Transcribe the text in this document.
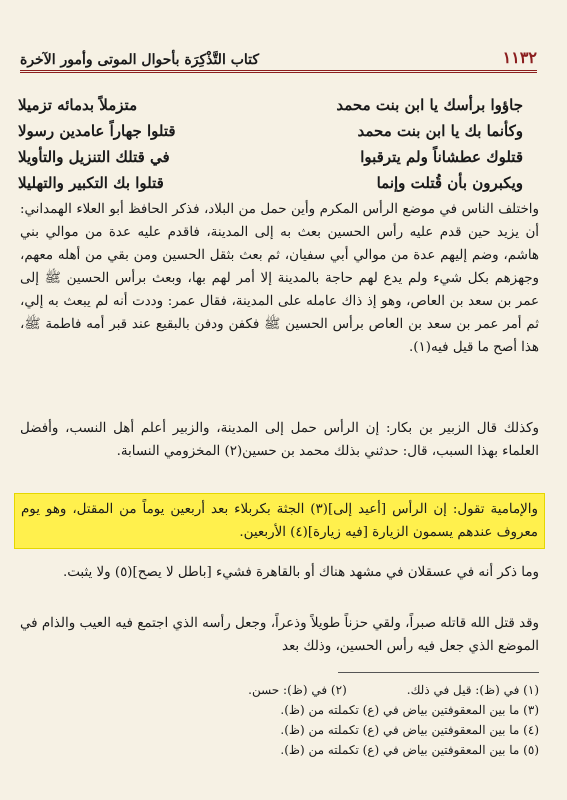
١١٣٢
كتاب التَّذْكِرَة بأحوال الموتى وأمور الآخرة
جاؤوا برأسك يا ابن بنت محمد
متزملاً بدمائه تزميلا
وكأنما بك يا ابن بنت محمد
قتلوا جهاراً عامدين رسولا
قتلوك عطشاناً ولم يترقبوا
في قتلك التنزيل والتأويلا
ويكبرون بأن قُتلت وإنما
قتلوا بك التكبير والتهليلا
واختلف الناس في موضع الرأس المكرم وأين حمل من البلاد، فذكر الحافظ أبو العلاء الهمداني: أن يزيد حين قدم عليه رأس الحسين بعث به إلى المدينة، فاقدم عليه عدة من موالي بني هاشم، وضم إليهم عدة من موالي أبي سفيان، ثم بعث بثقل الحسين ومن بقي من أهله معهم، وجهزهم بكل شيء ولم يدع لهم حاجة بالمدينة إلا أمر لهم بها، وبعث برأس الحسين ﷺ إلى عمر بن سعد بن العاص، وهو إذ ذاك عامله على المدينة، فقال عمر: وددت أنه لم يبعث به إلي، ثم أمر عمر بن سعد بن العاص برأس الحسين ﷺ فكفن ودفن بالبقيع عند قبر أمه فاطمة ﷺ، هذا أصح ما قيل فيه(١).
وكذلك قال الزبير بن بكار: إن الرأس حمل إلى المدينة، والزبير أعلم أهل النسب، وأفضل العلماء بهذا السبب، قال: حدثني بذلك محمد بن حسين(٢) المخزومي النسابة.
والإمامية تقول: إن الرأس [أعيد إلى](٣) الجثة بكربلاء بعد أربعين يوماً من المقتل، وهو يوم معروف عندهم يسمون الزيارة [فيه زيارة](٤) الأربعين.
وما ذكر أنه في عسقلان في مشهد هناك أو بالقاهرة فشيء [باطل لا يصح](٥) ولا يثبت.
وقد قتل الله قاتله صبراً، ولقي حزناً طويلاً وذعراً، وجعل رأسه الذي اجتمع فيه العيب والذام في الموضع الذي جعل فيه رأس الحسين، وذلك بعد
(١) في (ظ): قيل في ذلك.
(٢) في (ظ): حسن.
(٣) ما بين المعقوفتين بياض في (ع) تكملته من (ظ).
(٤) ما بين المعقوفتين بياض في (ع) تكملته من (ظ).
(٥) ما بين المعقوفتين بياض في (ع) تكملته من (ظ).
